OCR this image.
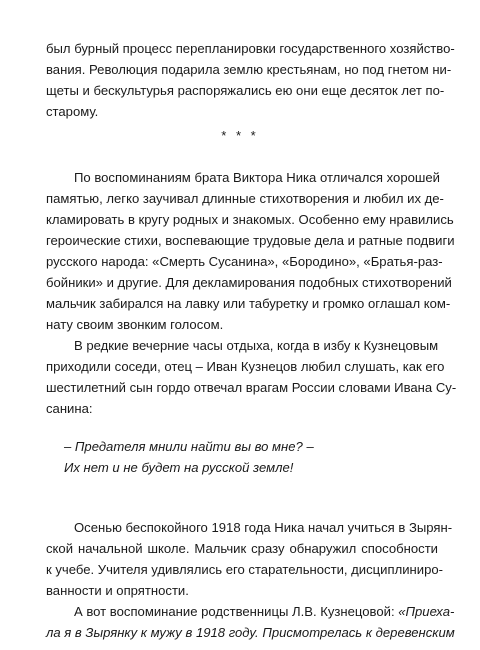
был бурный процесс перепланировки государственного хозяйство-
вания. Революция подарила землю крестьянам, но под гнетом ни-
щеты и бескультурья распоряжались ею они еще десяток лет по-
старому.
* * *
По воспоминаниям брата Виктора Ника отличался хорошей
памятью, легко заучивал длинные стихотворения и любил их де-
кламировать в кругу родных и знакомых. Особенно ему нравились
героические стихи, воспевающие трудовые дела и ратные подвиги
русского народа: «Смерть Сусанина», «Бородино», «Братья-раз-
бойники» и другие. Для декламирования подобных стихотворений
мальчик забирался на лавку или табуретку и громко оглашал ком-
нату своим звонким голосом.
В редкие вечерние часы отдыха, когда в избу к Кузнецовым
приходили соседи, отец – Иван Кузнецов любил слушать, как его
шестилетний сын гордо отвечал врагам России словами Ивана Су-
санина:
– Предателя мнили найти вы во мне? –
Их нет и не будет на русской земле!
Осенью беспокойного 1918 года Ника начал учиться в Зырян-
ской начальной школе. Мальчик сразу обнаружил способности
к учебе. Учителя удивлялись его старательности, дисциплиниро-
ванности и опрятности.
А вот воспоминание родственницы Л.В. Кузнецовой: «Приеха-
ла я в Зырянку к мужу в 1918 году. Присмотрелась к деревенским
